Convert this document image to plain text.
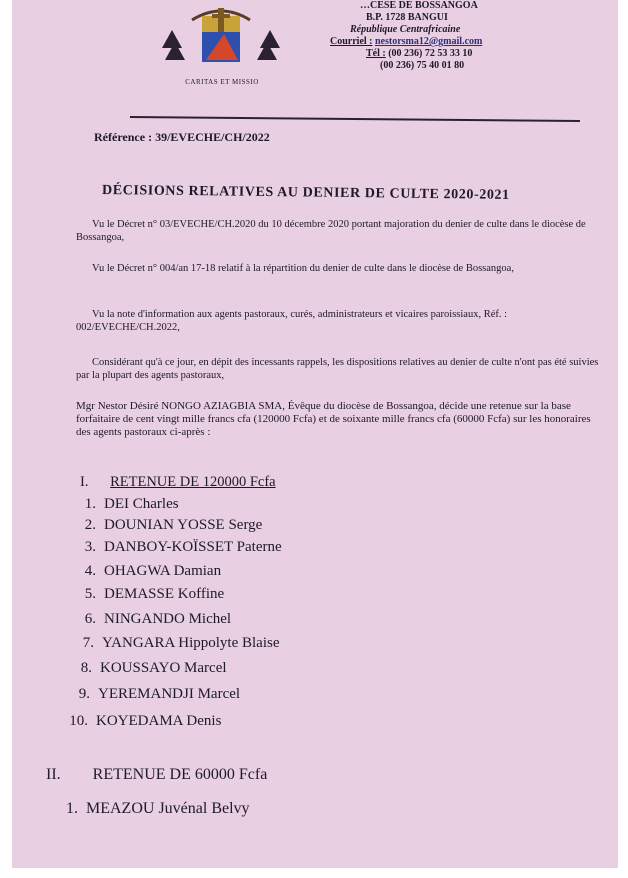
CARITAS ET MISSIO
…CESE DE BOSSANGOA
B.P. 1728 BANGUI
République Centrafricaine
Courriel : nestorsma12@gmail.com
Tél : (00 236) 72 53 33 10
(00 236) 75 40 01 80
Référence : 39/EVECHE/CH/2022
DÉCISIONS RELATIVES AU DENIER DE CULTE 2020-2021
Vu le Décret n° 03/EVECHE/CH.2020 du 10 décembre 2020 portant majoration du denier de culte dans le diocèse de Bossangoa,
Vu le Décret n° 004/an 17-18 relatif à la répartition du denier de culte dans le diocèse de Bossangoa,
Vu la note d'information aux agents pastoraux, curés, administrateurs et vicaires paroissiaux, Réf. : 002/EVECHE/CH.2022,
Considérant qu'à ce jour, en dépit des incessants rappels, les dispositions relatives au denier de culte n'ont pas été suivies par la plupart des agents pastoraux,
Mgr Nestor Désiré NONGO AZIAGBIA SMA, Évêque du diocèse de Bossangoa, décide une retenue sur la base forfaitaire de cent vingt mille francs cfa (120000 Fcfa) et de soixante mille francs cfa (60000 Fcfa) sur les honoraires des agents pastoraux ci-après :
I. RETENUE DE 120000 Fcfa
1. DEI Charles
2. DOUNIAN YOSSE Serge
3. DANBOY-KOÏSSET Paterne
4. OHAGWA Damian
5. DEMASSE Koffine
6. NINGANDO Michel
7. YANGARA Hippolyte Blaise
8. KOUSSAYO Marcel
9. YEREMANDJI Marcel
10. KOYEDAMA Denis
II. RETENUE DE 60000 Fcfa
1. MEAZOU Juvénal Belvy
